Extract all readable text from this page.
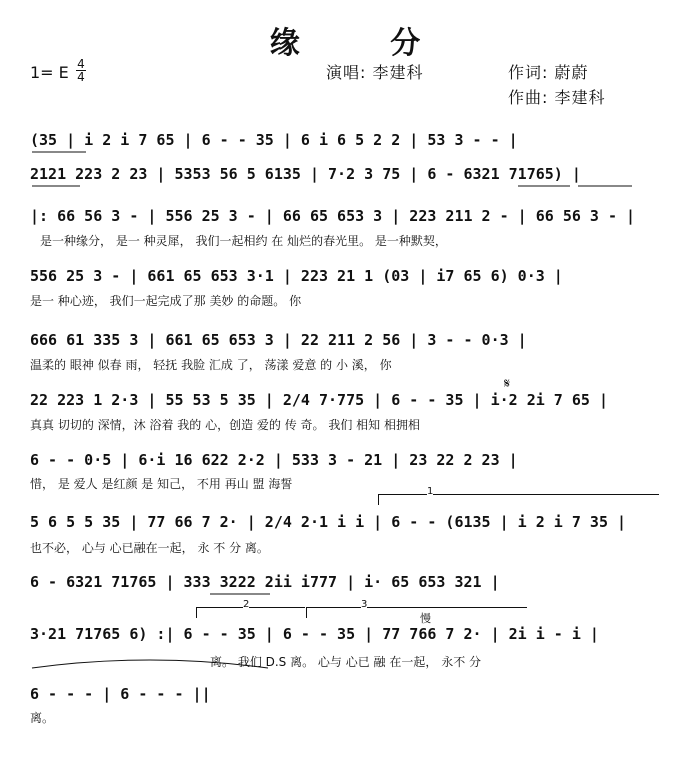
缘 分
1= E 4
4	演唱: 李建科	作词: 蔚蔚
作曲: 李建科
(35 | i 2 i 7 65 | 6 - - 35 | 6 i 6 5 2 2 | 53 3 - - |
2121 223 2 23 | 5353 56 5 6135 | 7·2 3 75 | 6 - 6321 71765) |
|: 66 56 3 - | 556 25 3 - | 66 65 653 3 | 223 211 2 - | 66 56 3 - |
是一种缘分， 是一 种灵犀， 我们一起相约 在 灿烂的春光里。 是一种默契，
556 25 3 - | 661 65 653 3·1 | 223 21 1 (03 | i7 65 6) 0·3 |
是一 种心迹， 我们一起完成了那 美妙 的命题。 你
666 61 335 3 | 661 65 653 3 | 22 211 2 56 | 3 - - 0·3 |
温柔的 眼神 似春 雨， 轻抚 我脸 汇成 了， 荡漾 爱意 的 小 溪， 你
22 223 1 2·3 | 55 53 5 35 | 2/4 7·775 | 6 - - 35 | i·2 2i 7 65 |
真真 切切的 深情，沐 浴着 我的 心，创造 爱的 传 奇。 我们 相知 相拥相
6 - - 0·5 | 6·i 16 622 2·2 | 533 3 - 21 | 23 22 2 23 |
惜， 是 爱人 是红颜 是 知己， 不用 再山 盟 海誓
5 6 5 5 35 | 77 66 7 2· | 2/4 2·1 i i | 6 - - (6135 | i 2 i 7 35 |
也不必， 心与 心已融在一起， 永 不 分 离。
6 - 6321 71765 | 333 3222 2ii i777 | i· 65 653 321 |
3·21 71765 6) :| 6 - - 35 | 6 - - 35 | 77 766 7 2· | 2i i - i |
离。 我们 D.S 离。 心与 心已 融 在一起， 永不 分
6 - - - | 6 - - - ||
离。
1
2	3
慢
𝄋
